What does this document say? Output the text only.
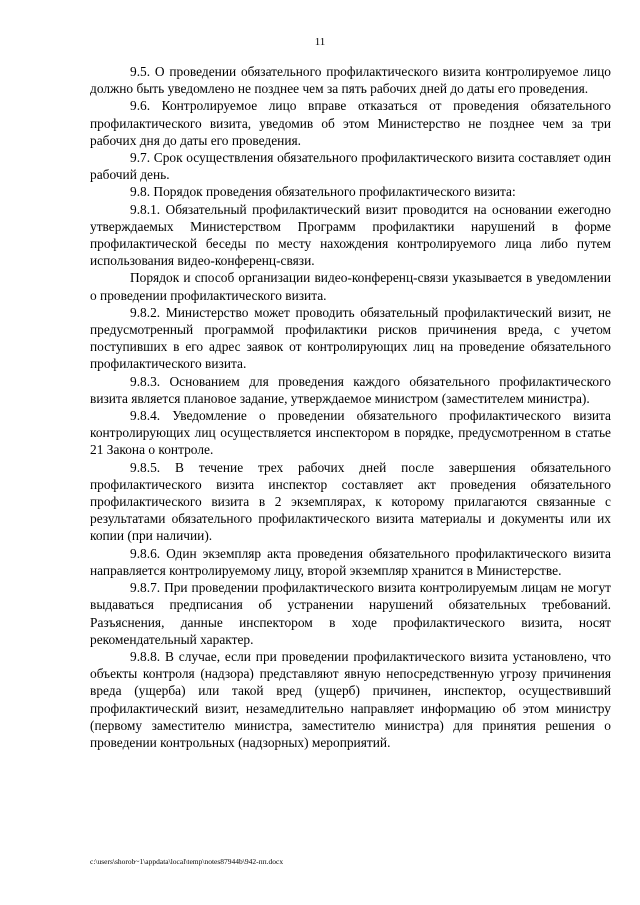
11

9.5. О проведении обязательного профилактического визита контролируемое лицо должно быть уведомлено не позднее чем за пять рабочих дней до даты его проведения.

9.6. Контролируемое лицо вправе отказаться от проведения обязательного профилактического визита, уведомив об этом Министерство не позднее чем за три рабочих дня до даты его проведения.

9.7. Срок осуществления обязательного профилактического визита составляет один рабочий день.

9.8. Порядок проведения обязательного профилактического визита:

9.8.1. Обязательный профилактический визит проводится на основании ежегодно утверждаемых Министерством Программ профилактики нарушений в форме профилактической беседы по месту нахождения контролируемого лица либо путем использования видео-конференц-связи.

Порядок и способ организации видео-конференц-связи указывается в уведомлении о проведении профилактического визита.

9.8.2. Министерство может проводить обязательный профилактический визит, не предусмотренный программой профилактики рисков причинения вреда, с учетом поступивших в его адрес заявок от контролирующих лиц на проведение обязательного профилактического визита.

9.8.3. Основанием для проведения каждого обязательного профилактического визита является плановое задание, утверждаемое министром (заместителем министра).

9.8.4. Уведомление о проведении обязательного профилактического визита контролирующих лиц осуществляется инспектором в порядке, предусмотренном в статье 21 Закона о контроле.

9.8.5. В течение трех рабочих дней после завершения обязательного профилактического визита инспектор составляет акт проведения обязательного профилактического визита в 2 экземплярах, к которому прилагаются связанные с результатами обязательного профилактического визита материалы и документы или их копии (при наличии).

9.8.6. Один экземпляр акта проведения обязательного профилактического визита направляется контролируемому лицу, второй экземпляр хранится в Министерстве.

9.8.7. При проведении профилактического визита контролируемым лицам не могут выдаваться предписания об устранении нарушений обязательных требований. Разъяснения, данные инспектором в ходе профилактического визита, носят рекомендательный характер.

9.8.8. В случае, если при проведении профилактического визита установлено, что объекты контроля (надзора) представляют явную непосредственную угрозу причинения вреда (ущерба) или такой вред (ущерб) причинен, инспектор, осуществивший профилактический визит, незамедлительно направляет информацию об этом министру (первому заместителю министра, заместителю министра) для принятия решения о проведении контрольных (надзорных) мероприятий.

c:\users\shorob~1\appdata\local\temp\notes87944b\942-пп.docx
